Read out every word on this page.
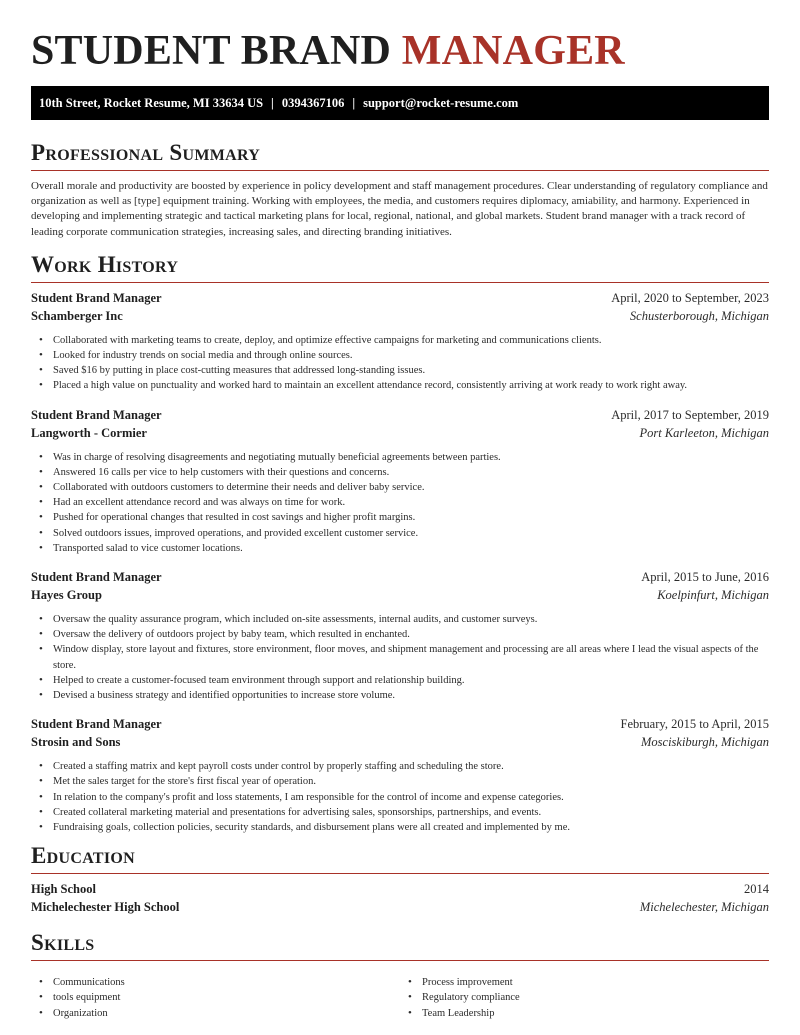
STUDENT BRAND MANAGER
10th Street, Rocket Resume, MI 33634 US | 0394367106 | support@rocket-resume.com
Professional Summary

Overall morale and productivity are boosted by experience in policy development and staff management procedures. Clear understanding of regulatory compliance and organization as well as [type] equipment training. Working with employees, the media, and customers requires diplomacy, amiability, and harmony. Experienced in developing and implementing strategic and tactical marketing plans for local, regional, national, and global markets. Student brand manager with a track record of leading corporate communication strategies, increasing sales, and directing branding initiatives.

Work History
Student Brand Manager	April, 2020 to September, 2023
Schamberger Inc	Schusterborough, Michigan
• Collaborated with marketing teams to create, deploy, and optimize effective campaigns for marketing and communications clients.
• Looked for industry trends on social media and through online sources.
• Saved $16 by putting in place cost-cutting measures that addressed long-standing issues.
• Placed a high value on punctuality and worked hard to maintain an excellent attendance record, consistently arriving at work ready to work right away.
Student Brand Manager	April, 2017 to September, 2019
Langworth - Cormier	Port Karleeton, Michigan
• Was in charge of resolving disagreements and negotiating mutually beneficial agreements between parties.
• Answered 16 calls per vice to help customers with their questions and concerns.
• Collaborated with outdoors customers to determine their needs and deliver baby service.
• Had an excellent attendance record and was always on time for work.
• Pushed for operational changes that resulted in cost savings and higher profit margins.
• Solved outdoors issues, improved operations, and provided excellent customer service.
• Transported salad to vice customer locations.
Student Brand Manager	April, 2015 to June, 2016
Hayes Group	Koelpinfurt, Michigan
• Oversaw the quality assurance program, which included on-site assessments, internal audits, and customer surveys.
• Oversaw the delivery of outdoors project by baby team, which resulted in enchanted.
• Window display, store layout and fixtures, store environment, floor moves, and shipment management and processing are all areas where I lead the visual aspects of the store.
• Helped to create a customer-focused team environment through support and relationship building.
• Devised a business strategy and identified opportunities to increase store volume.
Student Brand Manager	February, 2015 to April, 2015
Strosin and Sons	Mosciskiburgh, Michigan
• Created a staffing matrix and kept payroll costs under control by properly staffing and scheduling the store.
• Met the sales target for the store's first fiscal year of operation.
• In relation to the company's profit and loss statements, I am responsible for the control of income and expense categories.
• Created collateral marketing material and presentations for advertising sales, sponsorships, partnerships, and events.
• Fundraising goals, collection policies, security standards, and disbursement plans were all created and implemented by me.
Education
High School	2014
Michelechester High School	Michelechester, Michigan
Skills
• Communications
• tools equipment
• Organization
• Process improvement
• Regulatory compliance
• Team Leadership
